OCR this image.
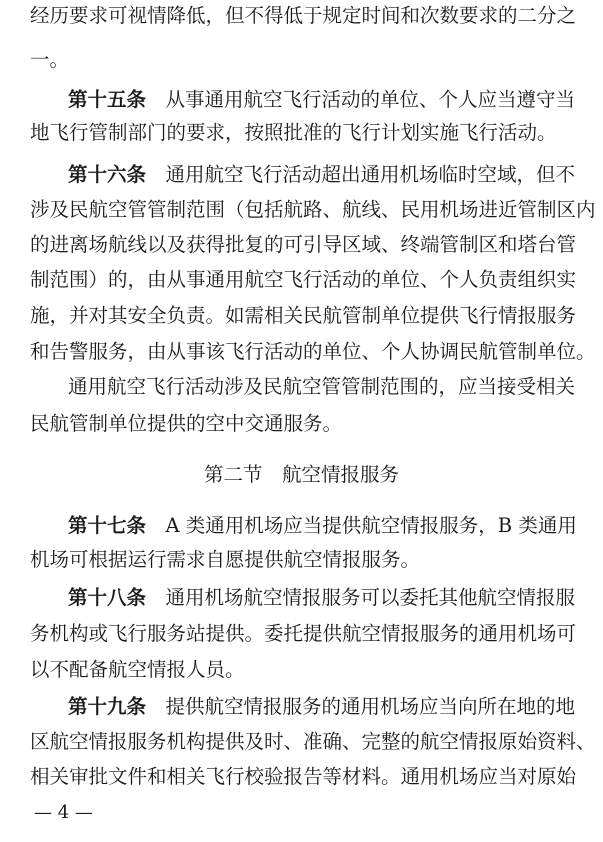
经历要求可视情降低，但不得低于规定时间和次数要求的二分之
一。
第十五条　从事通用航空飞行活动的单位、个人应当遵守当
地飞行管制部门的要求，按照批准的飞行计划实施飞行活动。
第十六条　通用航空飞行活动超出通用机场临时空域，但不
涉及民航空管管制范围（包括航路、航线、民用机场进近管制区内
的进离场航线以及获得批复的可引导区域、终端管制区和塔台管
制范围）的，由从事通用航空飞行活动的单位、个人负责组织实
施，并对其安全负责。如需相关民航管制单位提供飞行情报服务
和告警服务，由从事该飞行活动的单位、个人协调民航管制单位。
通用航空飞行活动涉及民航空管管制范围的，应当接受相关
民航管制单位提供的空中交通服务。
第二节　航空情报服务
第十七条　A 类通用机场应当提供航空情报服务，B 类通用
机场可根据运行需求自愿提供航空情报服务。
第十八条　通用机场航空情报服务可以委托其他航空情报服
务机构或飞行服务站提供。委托提供航空情报服务的通用机场可
以不配备航空情报人员。
第十九条　提供航空情报服务的通用机场应当向所在地的地
区航空情报服务机构提供及时、准确、完整的航空情报原始资料、
相关审批文件和相关飞行校验报告等材料。通用机场应当对原始
— 4 —
